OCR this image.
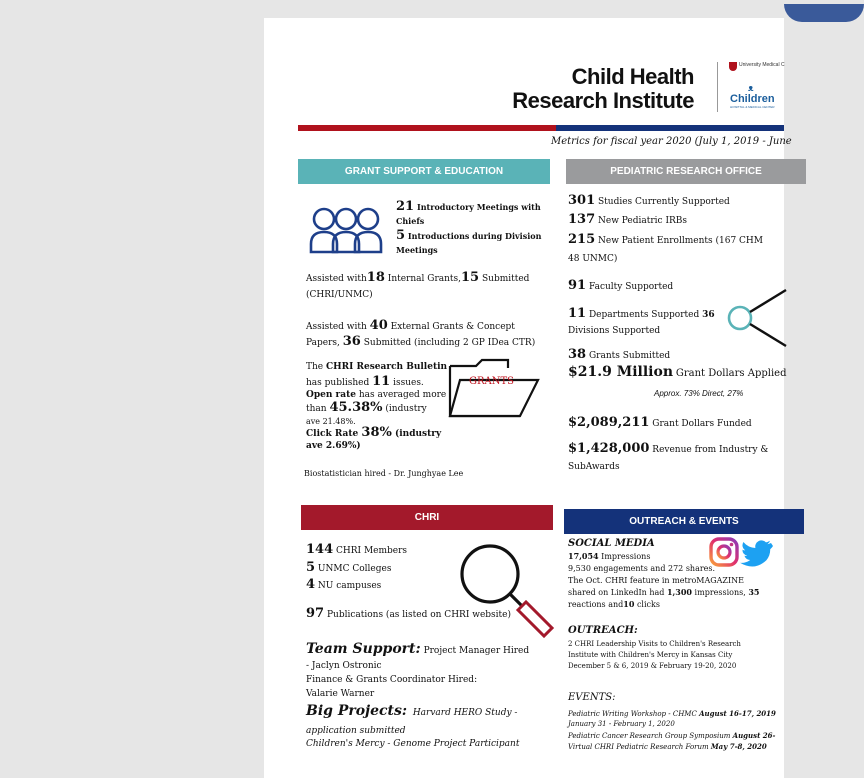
Child Health
Research Institute
University Medical C
ᴥ
Children
HOSPITAL & MEDICAL CENTER
Metrics for fiscal year 2020 (July 1, 2019 - June
GRANT SUPPORT & EDUCATION	PEDIATRIC RESEARCH OFFICE
CHRI	OUTREACH & EVENTS
21 Introductory Meetings with
Chiefs
5 Introductions during Division
Meetings
Assisted with18 Internal Grants,15 Submitted
(CHRI/UNMC)
Assisted with 40 External Grants & Concept
Papers, 36 Submitted (including 2 GP IDea CTR)
The CHRI Research Bulletin
has published 11 issues.
Open rate has averaged more
than 45.38% (industry
ave 21.48%.
Click Rate 38% (industry
ave 2.69%)
GRANTS
Biostatistician hired - Dr. Junghyae Lee
301 Studies Currently Supported
137 New Pediatric IRBs
215 New Patient Enrollments (167 CHM
48 UNMC)
91 Faculty Supported
11 Departments Supported 36
Divisions Supported
38 Grants Submitted
$21.9 Million Grant Dollars Applied
Approx. 73% Direct, 27%
$2,089,211 Grant Dollars Funded
$1,428,000 Revenue from Industry &
SubAwards
144 CHRI Members
5 UNMC Colleges
4 NU campuses
97 Publications (as listed on CHRI website)
Team Support: Project Manager Hired
- Jaclyn Ostronic
Finance & Grants Coordinator Hired:
Valarie Warner
Big Projects: Harvard HERO Study -
application submitted
Children's Mercy - Genome Project Participant
SOCIAL MEDIA
17,054 Impressions
9,530 engagements and 272 shares.
The Oct. CHRI feature in metroMAGAZINE
shared on LinkedIn had 1,300 impressions, 35
reactions and10 clicks
OUTREACH:
2 CHRI Leadership Visits to Children's Research
Institute with Children's Mercy in Kansas City
December 5 & 6, 2019 & February 19-20, 2020
EVENTS:
Pediatric Writing Workshop - CHMC August 16-17, 2019
January 31 - February 1, 2020
Pediatric Cancer Research Group Symposium August 26-
Virtual CHRI Pediatric Research Forum May 7-8, 2020
